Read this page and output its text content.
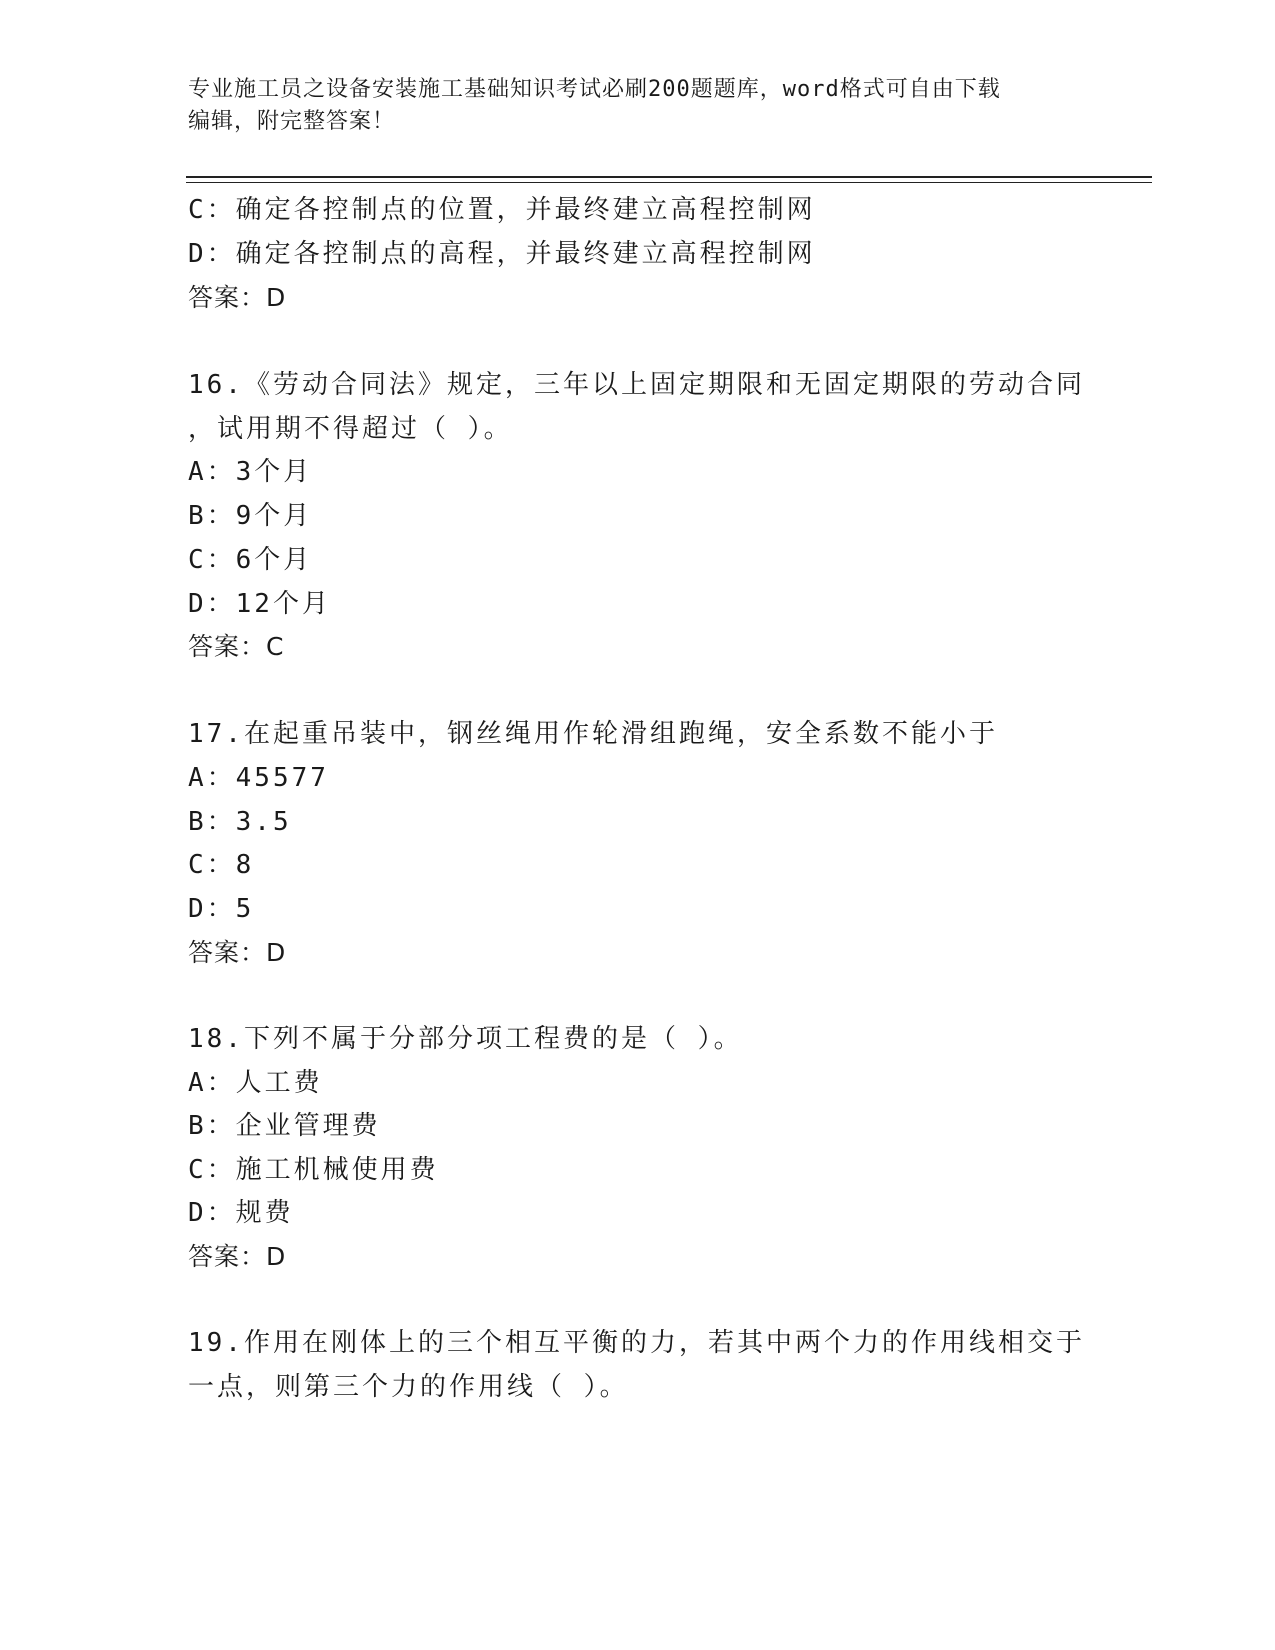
专业施工员之设备安装施工基础知识考试必刷200题题库，word格式可自由下载
编辑，附完整答案！
C：确定各控制点的位置，并最终建立高程控制网
D：确定各控制点的高程，并最终建立高程控制网
答案：D
16.《劳动合同法》规定，三年以上固定期限和无固定期限的劳动合同
，试用期不得超过（ ）。
A：3个月
B：9个月
C：6个月
D：12个月
答案：C
17.在起重吊装中，钢丝绳用作轮滑组跑绳，安全系数不能小于
A：45577
B：3.5
C：8
D：5
答案：D
18.下列不属于分部分项工程费的是（ ）。
A：人工费
B：企业管理费
C：施工机械使用费
D：规费
答案：D
19.作用在刚体上的三个相互平衡的力，若其中两个力的作用线相交于
一点，则第三个力的作用线（ ）。
